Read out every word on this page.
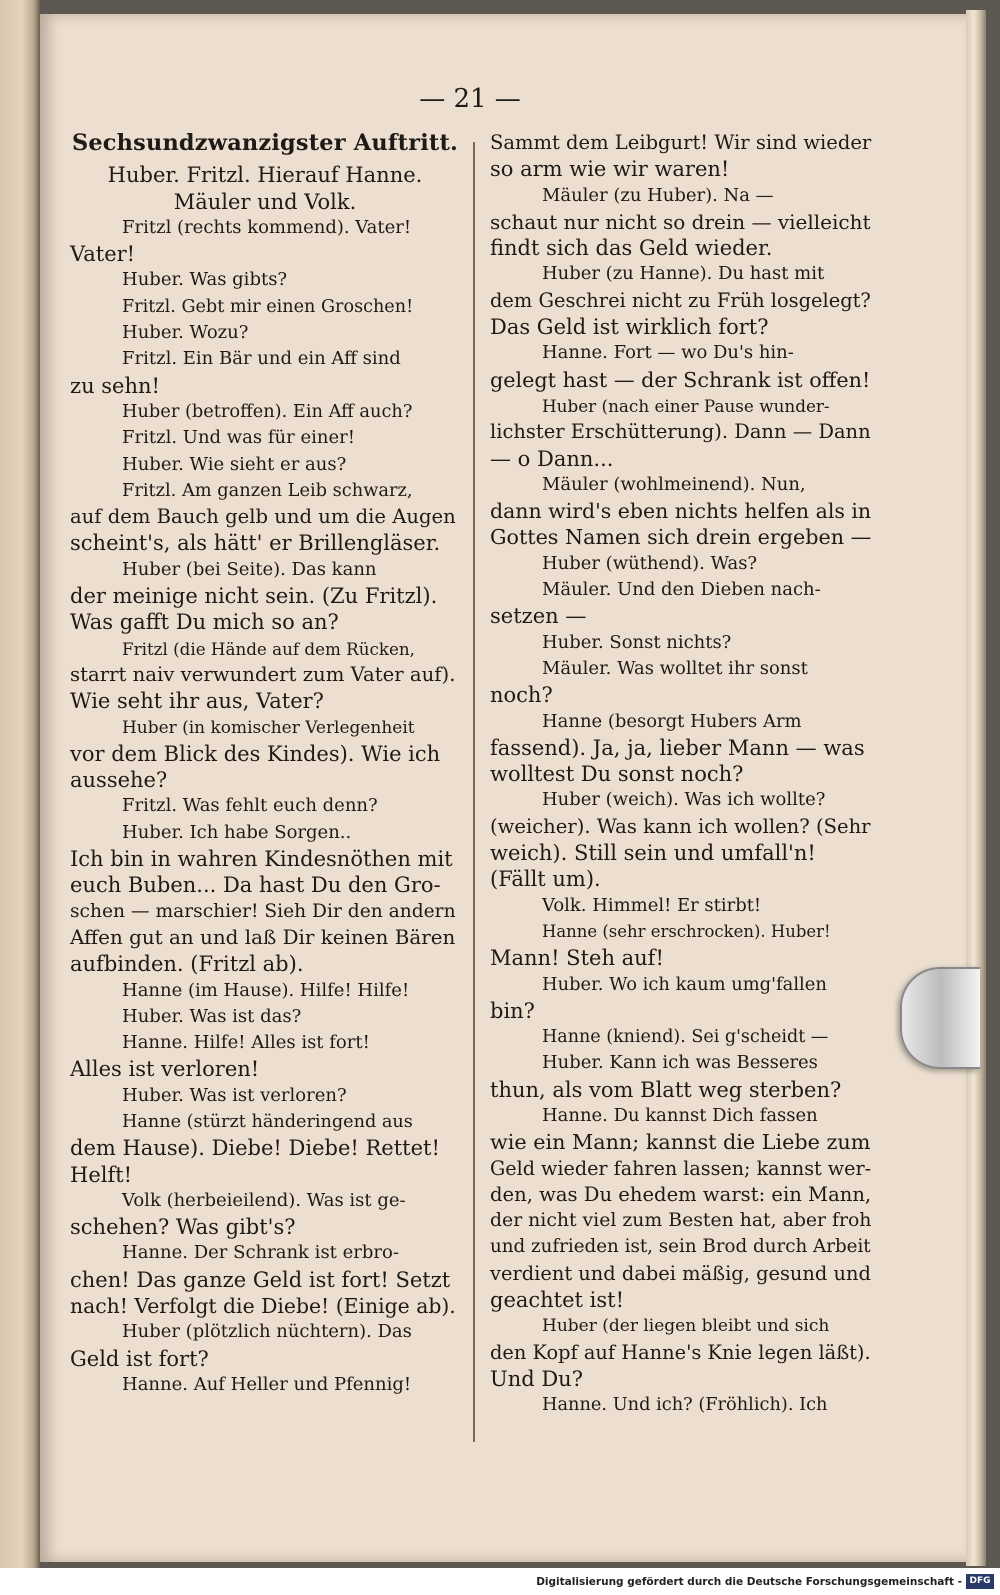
— 21 —
Sechsundzwanzigster Auftritt.
Huber. Fritzl. Hierauf Hanne.
Mäuler und Volk.
Fritzl (rechts kommend). Vater!
Vater!
Huber. Was gibts?
Fritzl. Gebt mir einen Groschen!
Huber. Wozu?
Fritzl. Ein Bär und ein Aff sind
zu sehn!
Huber (betroffen). Ein Aff auch?
Fritzl. Und was für einer!
Huber. Wie sieht er aus?
Fritzl. Am ganzen Leib schwarz,
auf dem Bauch gelb und um die Augen
scheint's, als hätt' er Brillengläser.
Huber (bei Seite). Das kann
der meinige nicht sein. (Zu Fritzl).
Was gafft Du mich so an?
Fritzl (die Hände auf dem Rücken,
starrt naiv verwundert zum Vater auf).
Wie seht ihr aus, Vater?
Huber (in komischer Verlegenheit
vor dem Blick des Kindes). Wie ich
aussehe?
Fritzl. Was fehlt euch denn?
Huber. Ich habe Sorgen..
Ich bin in wahren Kindesnöthen mit
euch Buben... Da hast Du den Gro-
schen — marschier! Sieh Dir den andern
Affen gut an und laß Dir keinen Bären
aufbinden. (Fritzl ab).
Hanne (im Hause). Hilfe! Hilfe!
Huber. Was ist das?
Hanne. Hilfe! Alles ist fort!
Alles ist verloren!
Huber. Was ist verloren?
Hanne (stürzt händeringend aus
dem Hause). Diebe! Diebe! Rettet!
Helft!
Volk (herbeieilend). Was ist ge-
schehen? Was gibt's?
Hanne. Der Schrank ist erbro-
chen! Das ganze Geld ist fort! Setzt
nach! Verfolgt die Diebe! (Einige ab).
Huber (plötzlich nüchtern). Das
Geld ist fort?
Hanne. Auf Heller und Pfennig!
Sammt dem Leibgurt! Wir sind wieder
so arm wie wir waren!
Mäuler (zu Huber). Na —
schaut nur nicht so drein — vielleicht
findt sich das Geld wieder.
Huber (zu Hanne). Du hast mit
dem Geschrei nicht zu Früh losgelegt?
Das Geld ist wirklich fort?
Hanne. Fort — wo Du's hin-
gelegt hast — der Schrank ist offen!
Huber (nach einer Pause wunder-
lichster Erschütterung). Dann — Dann
— o Dann...
Mäuler (wohlmeinend). Nun,
dann wird's eben nichts helfen als in
Gottes Namen sich drein ergeben —
Huber (wüthend). Was?
Mäuler. Und den Dieben nach-
setzen —
Huber. Sonst nichts?
Mäuler. Was wolltet ihr sonst
noch?
Hanne (besorgt Hubers Arm
fassend). Ja, ja, lieber Mann — was
wolltest Du sonst noch?
Huber (weich). Was ich wollte?
(weicher). Was kann ich wollen? (Sehr
weich). Still sein und umfall'n!
(Fällt um).
Volk. Himmel! Er stirbt!
Hanne (sehr erschrocken). Huber!
Mann! Steh auf!
Huber. Wo ich kaum umg'fallen
bin?
Hanne (kniend). Sei g'scheidt —
Huber. Kann ich was Besseres
thun, als vom Blatt weg sterben?
Hanne. Du kannst Dich fassen
wie ein Mann; kannst die Liebe zum
Geld wieder fahren lassen; kannst wer-
den, was Du ehedem warst: ein Mann,
der nicht viel zum Besten hat, aber froh
und zufrieden ist, sein Brod durch Arbeit
verdient und dabei mäßig, gesund und
geachtet ist!
Huber (der liegen bleibt und sich
den Kopf auf Hanne's Knie legen läßt).
Und Du?
Hanne. Und ich? (Fröhlich). Ich
Digitalisierung gefördert durch die Deutsche Forschungsgemeinschaft - DFG
